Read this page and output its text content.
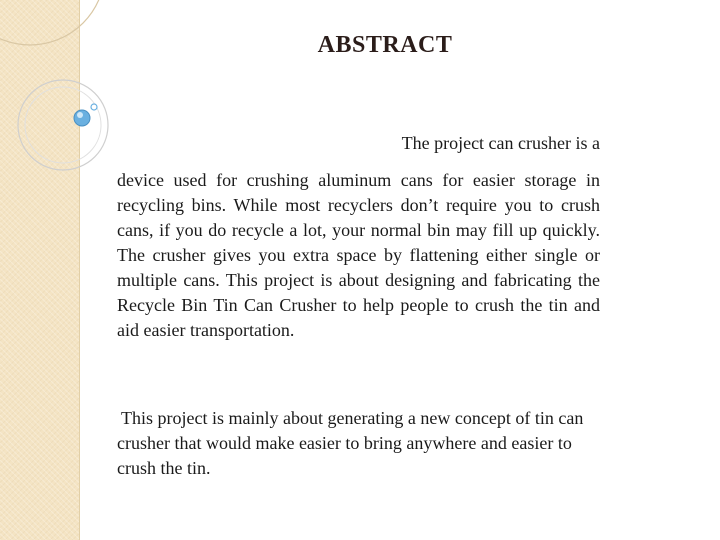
ABSTRACT

The project can crusher is a

device used for crushing aluminum cans for easier storage in recycling bins. While most recyclers don’t require you to crush cans, if you do recycle a lot, your normal bin may fill up quickly. The crusher gives you extra space by flattening either single or multiple cans. This project is about designing and fabricating the Recycle Bin Tin Can Crusher to help people to crush the tin and aid easier transportation.

This project is mainly about generating a new concept of tin can crusher that would make easier to bring anywhere and easier to crush the tin.
